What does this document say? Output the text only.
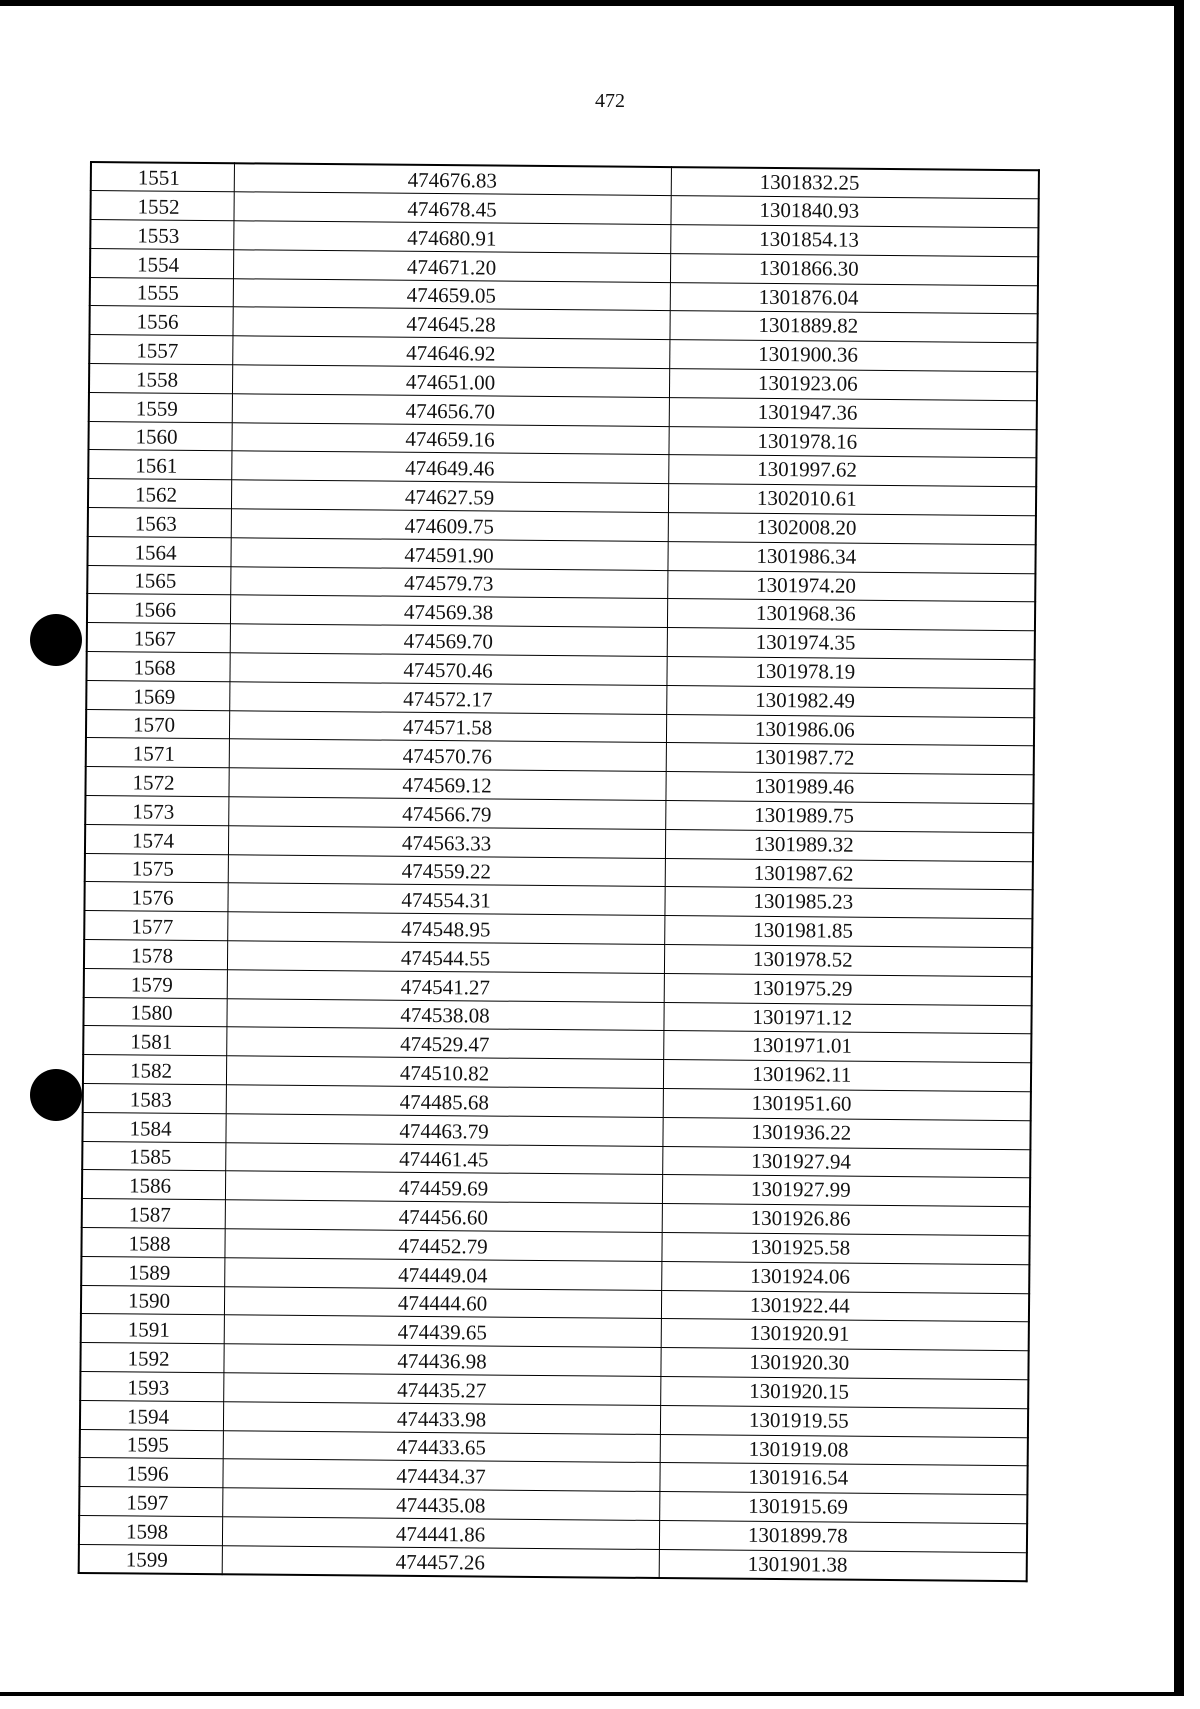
472
1551	474676.83	1301832.25
1552	474678.45	1301840.93
1553	474680.91	1301854.13
1554	474671.20	1301866.30
1555	474659.05	1301876.04
1556	474645.28	1301889.82
1557	474646.92	1301900.36
1558	474651.00	1301923.06
1559	474656.70	1301947.36
1560	474659.16	1301978.16
1561	474649.46	1301997.62
1562	474627.59	1302010.61
1563	474609.75	1302008.20
1564	474591.90	1301986.34
1565	474579.73	1301974.20
1566	474569.38	1301968.36
1567	474569.70	1301974.35
1568	474570.46	1301978.19
1569	474572.17	1301982.49
1570	474571.58	1301986.06
1571	474570.76	1301987.72
1572	474569.12	1301989.46
1573	474566.79	1301989.75
1574	474563.33	1301989.32
1575	474559.22	1301987.62
1576	474554.31	1301985.23
1577	474548.95	1301981.85
1578	474544.55	1301978.52
1579	474541.27	1301975.29
1580	474538.08	1301971.12
1581	474529.47	1301971.01
1582	474510.82	1301962.11
1583	474485.68	1301951.60
1584	474463.79	1301936.22
1585	474461.45	1301927.94
1586	474459.69	1301927.99
1587	474456.60	1301926.86
1588	474452.79	1301925.58
1589	474449.04	1301924.06
1590	474444.60	1301922.44
1591	474439.65	1301920.91
1592	474436.98	1301920.30
1593	474435.27	1301920.15
1594	474433.98	1301919.55
1595	474433.65	1301919.08
1596	474434.37	1301916.54
1597	474435.08	1301915.69
1598	474441.86	1301899.78
1599	474457.26	1301901.38
